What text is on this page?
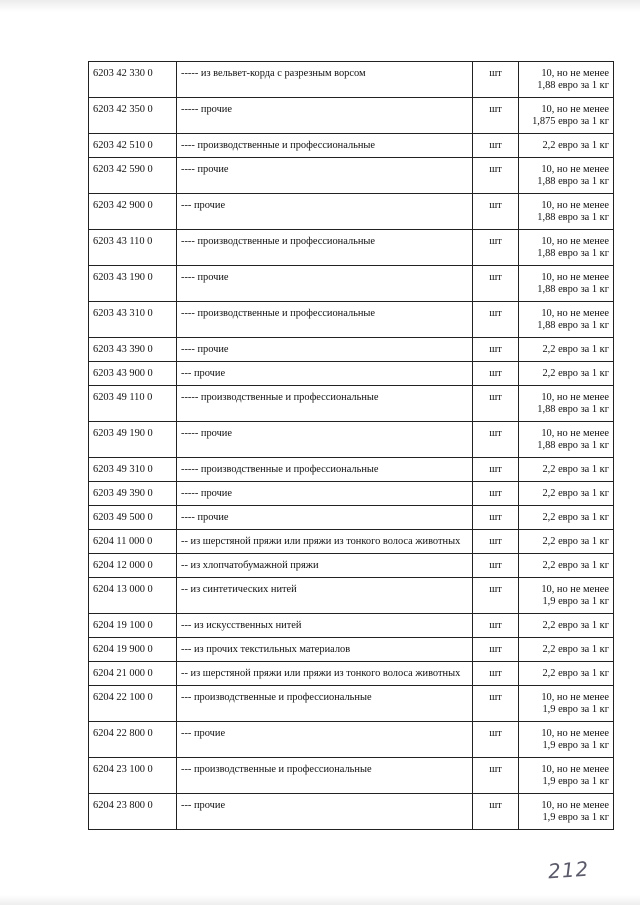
6203 42 330 0	----- из вельвет-корда с разрезным ворсом	шт	10, но не менее
1,88 евро за 1 кг

6203 42 350 0	----- прочие	шт	10, но не менее
1,875 евро за 1 кг

6203 42 510 0	---- производственные и профессиональные	шт	2,2 евро за 1 кг

6203 42 590 0	---- прочие	шт	10, но не менее
1,88 евро за 1 кг

6203 42 900 0	--- прочие	шт	10, но не менее
1,88 евро за 1 кг

6203 43 110 0	---- производственные и профессиональные	шт	10, но не менее
1,88 евро за 1 кг

6203 43 190 0	---- прочие	шт	10, но не менее
1,88 евро за 1 кг

6203 43 310 0	---- производственные и профессиональные	шт	10, но не менее
1,88 евро за 1 кг

6203 43 390 0	---- прочие	шт	2,2 евро за 1 кг

6203 43 900 0	--- прочие	шт	2,2 евро за 1 кг

6203 49 110 0	----- производственные и профессиональные	шт	10, но не менее
1,88 евро за 1 кг

6203 49 190 0	----- прочие	шт	10, но не менее
1,88 евро за 1 кг

6203 49 310 0	----- производственные и профессиональные	шт	2,2 евро за 1 кг

6203 49 390 0	----- прочие	шт	2,2 евро за 1 кг

6203 49 500 0	---- прочие	шт	2,2 евро за 1 кг

6204 11 000 0	-- из шерстяной пряжи или пряжи из тонкого волоса животных	шт	2,2 евро за 1 кг

6204 12 000 0	-- из хлопчатобумажной пряжи	шт	2,2 евро за 1 кг

6204 13 000 0	-- из синтетических нитей	шт	10, но не менее
1,9 евро за 1 кг

6204 19 100 0	--- из искусственных нитей	шт	2,2 евро за 1 кг

6204 19 900 0	--- из прочих текстильных материалов	шт	2,2 евро за 1 кг

6204 21 000 0	-- из шерстяной пряжи или пряжи из тонкого волоса животных	шт	2,2 евро за 1 кг

6204 22 100 0	--- производственные и профессиональные	шт	10, но не менее
1,9 евро за 1 кг

6204 22 800 0	--- прочие	шт	10, но не менее
1,9 евро за 1 кг

6204 23 100 0	--- производственные и профессиональные	шт	10, но не менее
1,9 евро за 1 кг

6204 23 800 0	--- прочие	шт	10, но не менее
1,9 евро за 1 кг
212
